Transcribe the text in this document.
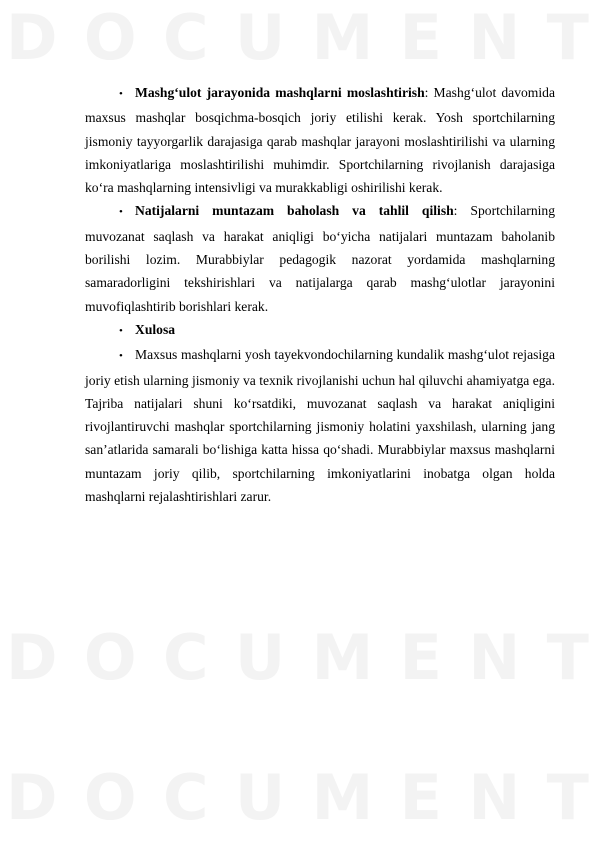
D O C U M E N T
D O C U M E N T
D O C U M E N T

•Mashg‘ulot jarayonida mashqlarni moslashtirish: Mashg‘ulot davomida maxsus mashqlar bosqichma-bosqich joriy etilishi kerak. Yosh sportchilarning jismoniy tayyorgarlik darajasiga qarab mashqlar jarayoni moslashtirilishi va ularning imkoniyatlariga moslashtirilishi muhimdir. Sportchilarning rivojlanish darajasiga ko‘ra mashqlarning intensivligi va murakkabligi oshirilishi kerak.

•Natijalarni muntazam baholash va tahlil qilish: Sportchilarning muvozanat saqlash va harakat aniqligi bo‘yicha natijalari muntazam baholanib borilishi lozim. Murabbiylar pedagogik nazorat yordamida mashqlarning samaradorligini tekshirishlari va natijalarga qarab mashg‘ulotlar jarayonini muvofiqlashtirib borishlari kerak.

•Xulosa

•Maxsus mashqlarni yosh tayekvondochilarning kundalik mashg‘ulot rejasiga joriy etish ularning jismoniy va texnik rivojlanishi uchun hal qiluvchi ahamiyatga ega. Tajriba natijalari shuni ko‘rsatdiki, muvozanat saqlash va harakat aniqligini rivojlantiruvchi mashqlar sportchilarning jismoniy holatini yaxshilash, ularning jang san’atlarida samarali bo‘lishiga katta hissa qo‘shadi. Murabbiylar maxsus mashqlarni muntazam joriy qilib, sportchilarning imkoniyatlarini inobatga olgan holda mashqlarni rejalashtirishlari zarur.
